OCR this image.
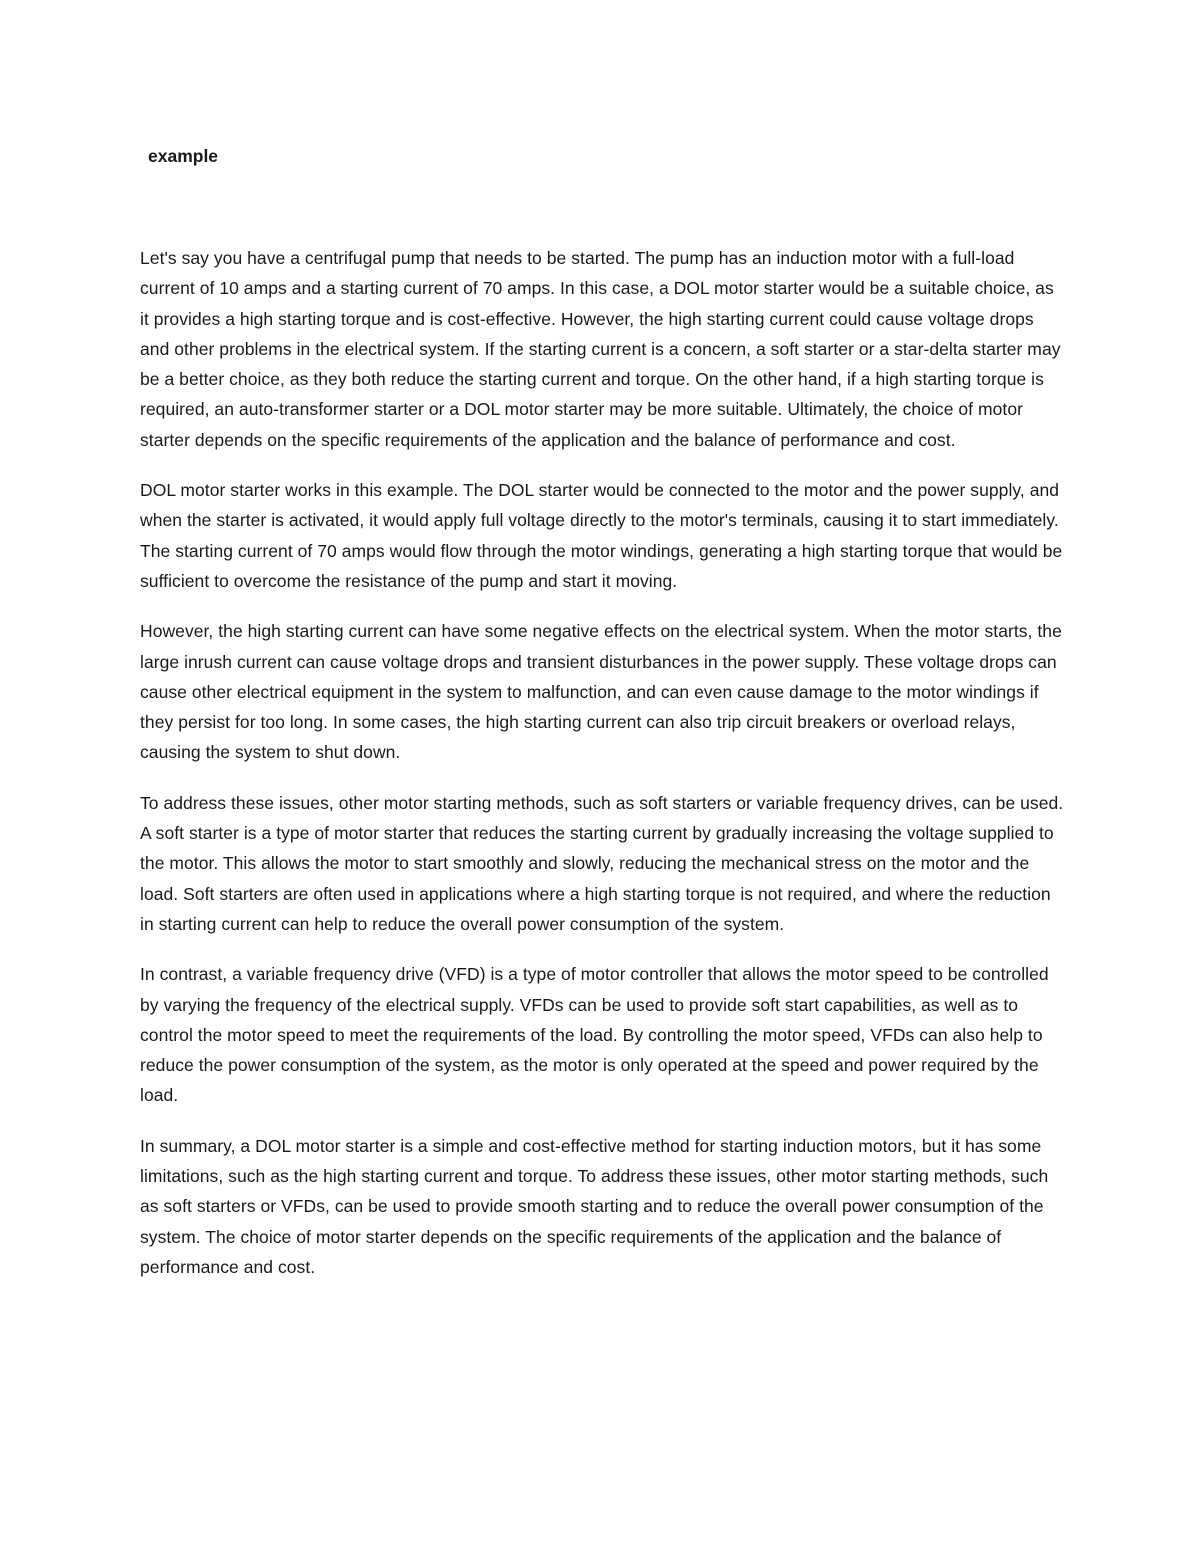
example

Let's say you have a centrifugal pump that needs to be started. The pump has an induction motor with a full-load current of 10 amps and a starting current of 70 amps. In this case, a DOL motor starter would be a suitable choice, as it provides a high starting torque and is cost-effective. However, the high starting current could cause voltage drops and other problems in the electrical system. If the starting current is a concern, a soft starter or a star-delta starter may be a better choice, as they both reduce the starting current and torque. On the other hand, if a high starting torque is required, an auto-transformer starter or a DOL motor starter may be more suitable. Ultimately, the choice of motor starter depends on the specific requirements of the application and the balance of performance and cost.

DOL motor starter works in this example. The DOL starter would be connected to the motor and the power supply, and when the starter is activated, it would apply full voltage directly to the motor's terminals, causing it to start immediately. The starting current of 70 amps would flow through the motor windings, generating a high starting torque that would be sufficient to overcome the resistance of the pump and start it moving.

However, the high starting current can have some negative effects on the electrical system. When the motor starts, the large inrush current can cause voltage drops and transient disturbances in the power supply. These voltage drops can cause other electrical equipment in the system to malfunction, and can even cause damage to the motor windings if they persist for too long. In some cases, the high starting current can also trip circuit breakers or overload relays, causing the system to shut down.

To address these issues, other motor starting methods, such as soft starters or variable frequency drives, can be used. A soft starter is a type of motor starter that reduces the starting current by gradually increasing the voltage supplied to the motor. This allows the motor to start smoothly and slowly, reducing the mechanical stress on the motor and the load. Soft starters are often used in applications where a high starting torque is not required, and where the reduction in starting current can help to reduce the overall power consumption of the system.

In contrast, a variable frequency drive (VFD) is a type of motor controller that allows the motor speed to be controlled by varying the frequency of the electrical supply. VFDs can be used to provide soft start capabilities, as well as to control the motor speed to meet the requirements of the load. By controlling the motor speed, VFDs can also help to reduce the power consumption of the system, as the motor is only operated at the speed and power required by the load.

In summary, a DOL motor starter is a simple and cost-effective method for starting induction motors, but it has some limitations, such as the high starting current and torque. To address these issues, other motor starting methods, such as soft starters or VFDs, can be used to provide smooth starting and to reduce the overall power consumption of the system. The choice of motor starter depends on the specific requirements of the application and the balance of performance and cost.
